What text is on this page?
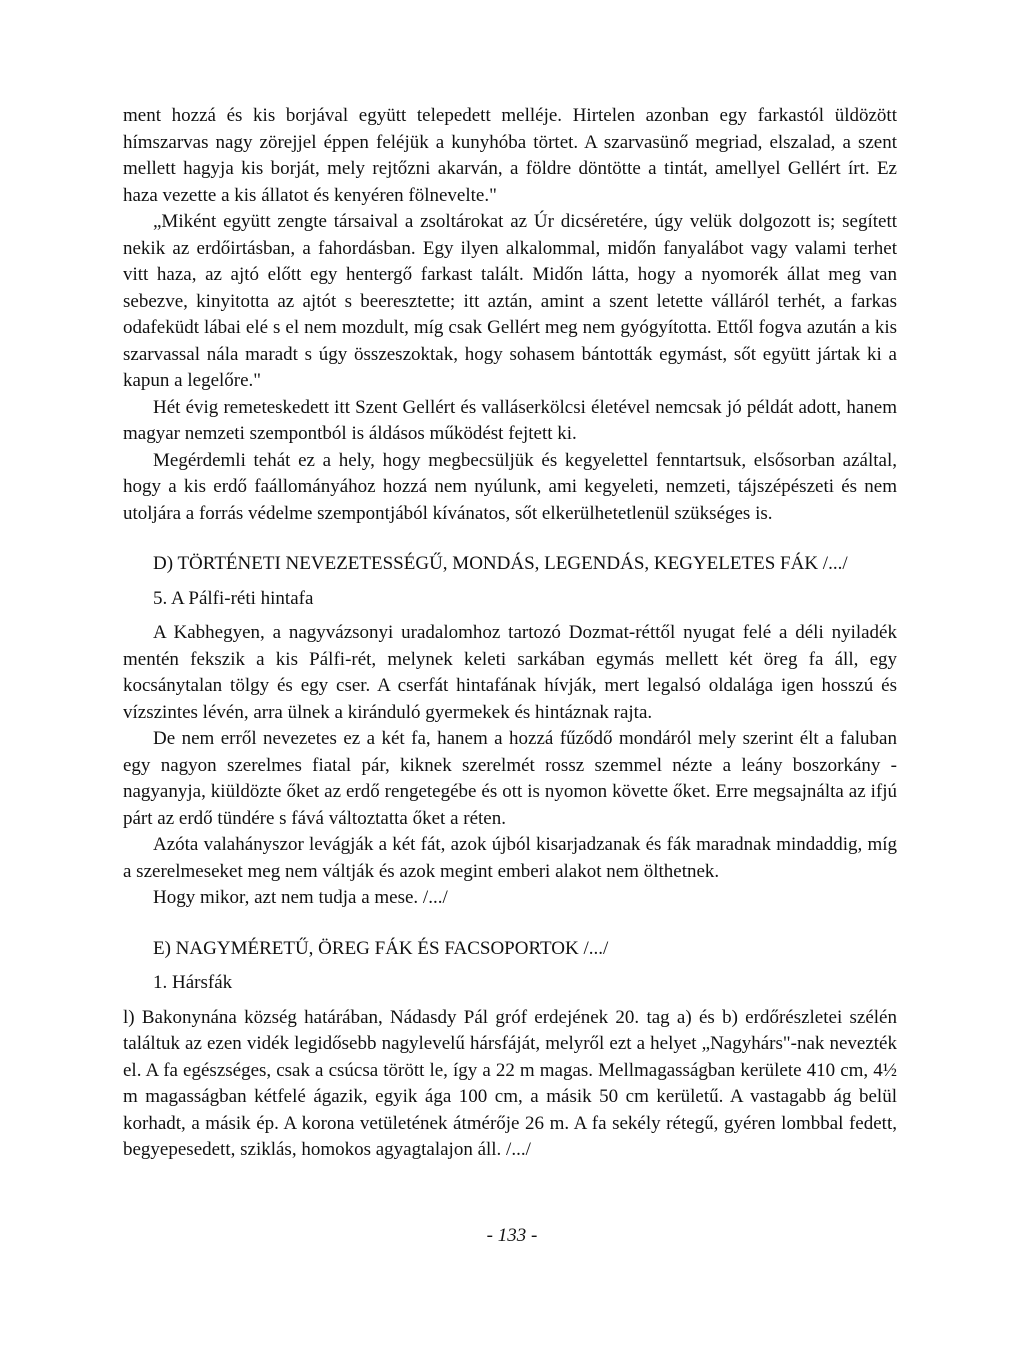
ment hozzá és kis borjával együtt telepedett melléje. Hirtelen azonban egy farkastól üldözött hímszarvas nagy zörejjel éppen feléjük a kunyhóba törtet. A szarvasünő megriad, elszalad, a szent mellett hagyja kis borját, mely rejtőzni akarván, a földre döntötte a tintát, amellyel Gellért írt. Ez haza vezette a kis állatot és kenyéren fölnevelte."

„Miként együtt zengte társaival a zsoltárokat az Úr dicséretére, úgy velük dolgozott is; segített nekik az erdőirtásban, a fahordásban. Egy ilyen alkalommal, midőn fanyalábot vagy valami terhet vitt haza, az ajtó előtt egy hentergő farkast talált. Midőn látta, hogy a nyomorék állat meg van sebezve, kinyitotta az ajtót s beeresztette; itt aztán, amint a szent letette válláról terhét, a farkas odafeküdt lábai elé s el nem mozdult, míg csak Gellért meg nem gyógyította. Ettől fogva azután a kis szarvassal nála maradt s úgy összeszoktak, hogy sohasem bántották egymást, sőt együtt jártak ki a kapun a legelőre."

Hét évig remeteskedett itt Szent Gellért és valláserkölcsi életével nemcsak jó példát adott, hanem magyar nemzeti szempontból is áldásos működést fejtett ki.

Megérdemli tehát ez a hely, hogy megbecsüljük és kegyelettel fenntartsuk, elsősorban azáltal, hogy a kis erdő faállományához hozzá nem nyúlunk, ami kegyeleti, nemzeti, tájszépészeti és nem utoljára a forrás védelme szempontjából kívánatos, sőt elkerülhetetlenül szükséges is.

D) TÖRTÉNETI NEVEZETESSÉGŰ, MONDÁS, LEGENDÁS, KEGYELETES FÁK /.../

5. A Pálfi-réti hintafa

A Kabhegyen, a nagyvázsonyi uradalomhoz tartozó Dozmat-réttől nyugat felé a déli nyiladék mentén fekszik a kis Pálfi-rét, melynek keleti sarkában egymás mellett két öreg fa áll, egy kocsánytalan tölgy és egy cser. A cserfát hintafának hívják, mert legalsó oldalága igen hosszú és vízszintes lévén, arra ülnek a kiránduló gyermekek és hintáznak rajta.

De nem erről nevezetes ez a két fa, hanem a hozzá fűződő mondáról mely szerint élt a faluban egy nagyon szerelmes fiatal pár, kiknek szerelmét rossz szemmel nézte a leány boszorkány - nagyanyja, kiüldözte őket az erdő rengetegébe és ott is nyomon követte őket. Erre megsajnálta az ifjú párt az erdő tündére s fává változtatta őket a réten.

Azóta valahányszor levágják a két fát, azok újból kisarjadzanak és fák maradnak mindaddig, míg a szerelmeseket meg nem váltják és azok megint emberi alakot nem ölthetnek.

Hogy mikor, azt nem tudja a mese. /.../

E) NAGYMÉRETŰ, ÖREG FÁK ÉS FACSOPORTOK /.../

1. Hársfák

l) Bakonynána község határában, Nádasdy Pál gróf erdejének 20. tag a) és b) erdőrészletei szélén találtuk az ezen vidék legidősebb nagylevelű hársfáját, melyről ezt a helyet „Nagyhárs"-nak nevezték el. A fa egészséges, csak a csúcsa törött le, így a 22 m magas. Mellmagasságban kerülete 410 cm, 4½ m magasságban kétfelé ágazik, egyik ága 100 cm, a másik 50 cm kerületű. A vastagabb ág belül korhadt, a másik ép. A korona vetületének átmérője 26 m. A fa sekély rétegű, gyéren lombbal fedett, begyepesedett, sziklás, homokos agyagtalajon áll. /.../

- 133 -
